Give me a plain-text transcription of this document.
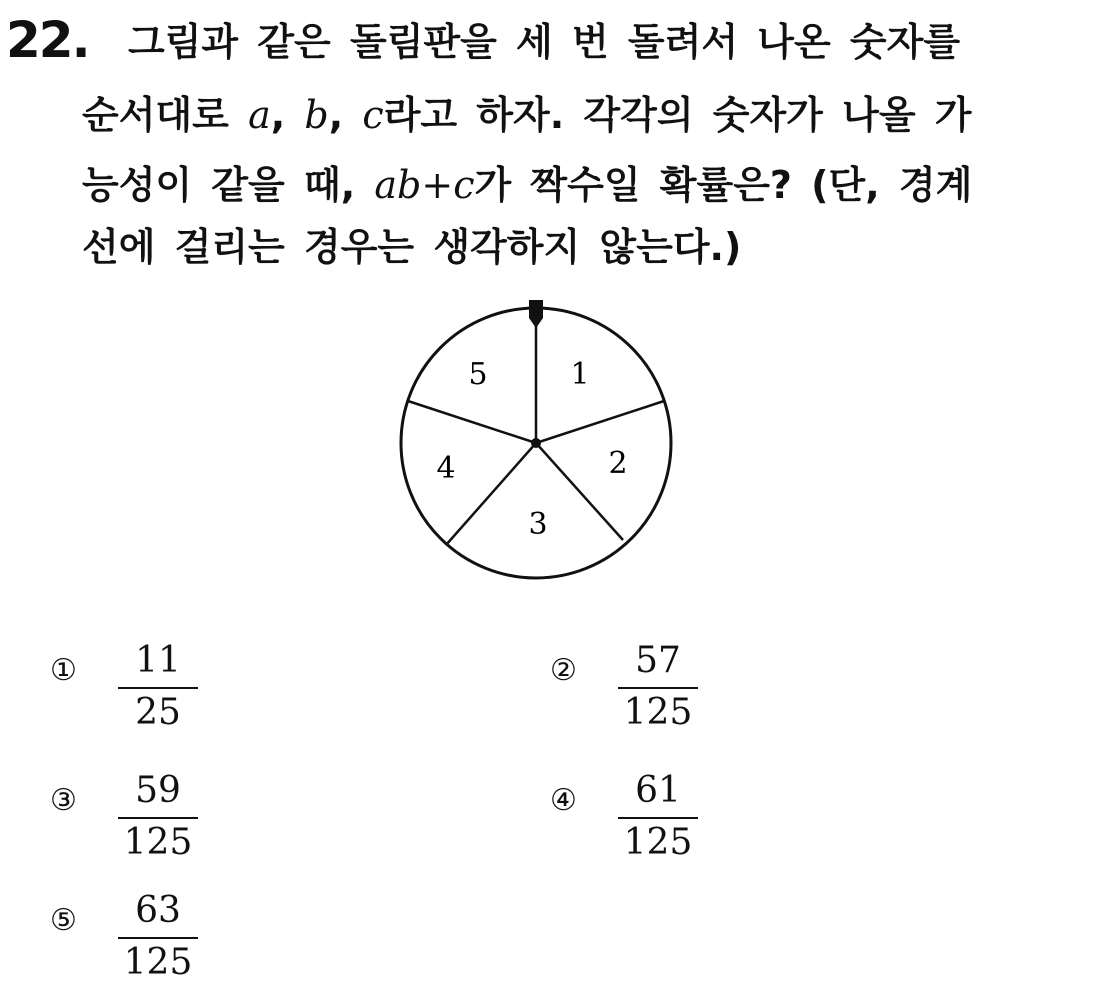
22. 그림과 같은 돌림판을 세 번 돌려서 나온 숫자를
순서대로 a, b, c라고 하자. 각각의 숫자가 나올 가
능성이 같을 때, ab+c가 짝수일 확률은? (단, 경계
선에 걸리는 경우는 생각하지 않는다.)
1
2
3
4
5
①	11
25
②	57
125
③	59
125
④	61
125
⑤	63
125
